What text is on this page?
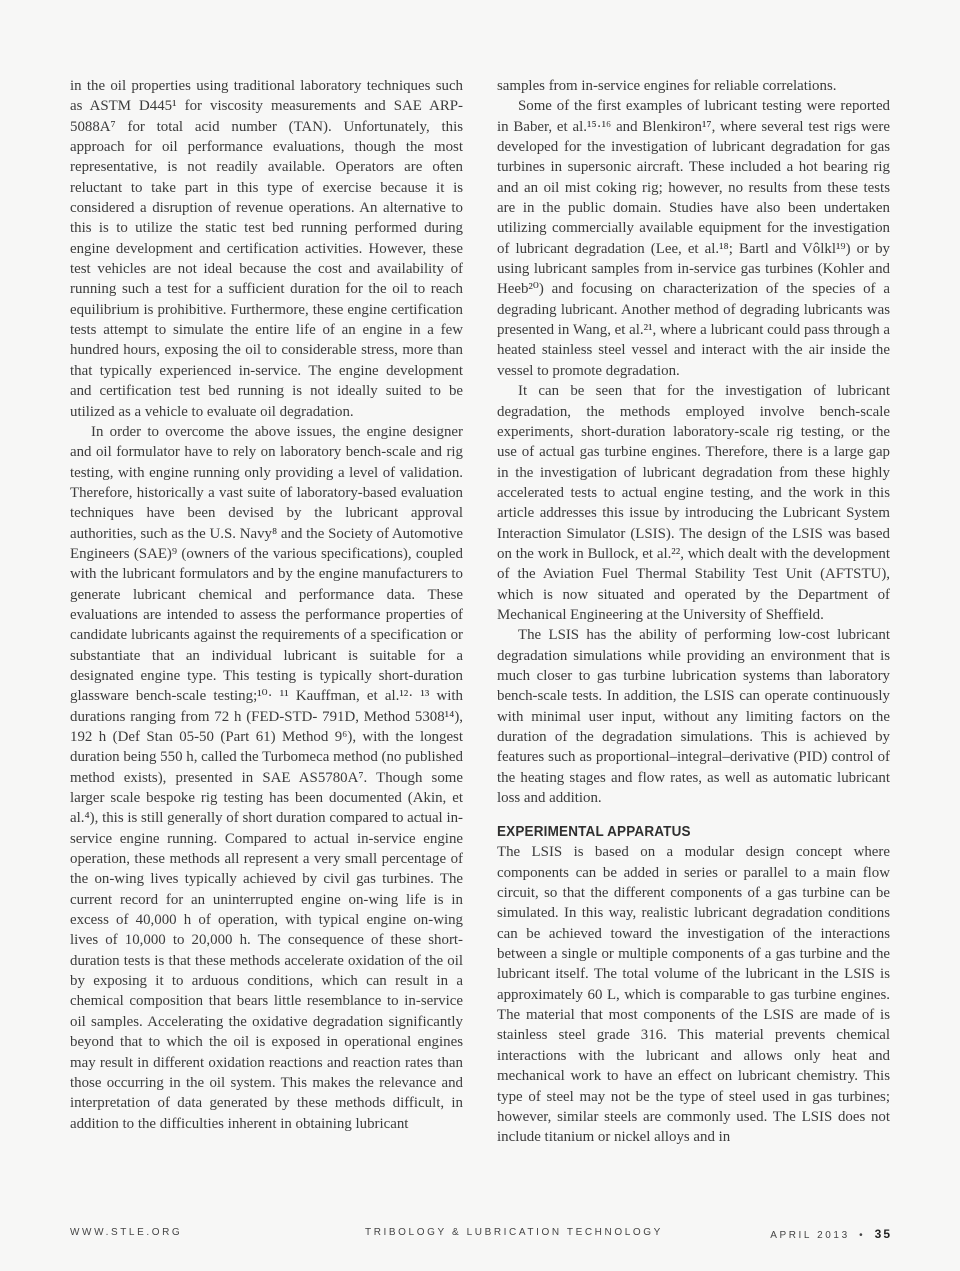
in the oil properties using traditional laboratory techniques such as ASTM D445¹ for viscosity measurements and SAE ARP-5088A⁷ for total acid number (TAN). Unfortunately, this approach for oil performance evaluations, though the most representative, is not readily available. Operators are often reluctant to take part in this type of exercise because it is considered a disruption of revenue operations. An alternative to this is to utilize the static test bed running performed during engine development and certification activities. However, these test vehicles are not ideal because the cost and availability of running such a test for a sufficient duration for the oil to reach equilibrium is prohibitive. Furthermore, these engine certification tests attempt to simulate the entire life of an engine in a few hundred hours, exposing the oil to considerable stress, more than that typically experienced in-service. The engine development and certification test bed running is not ideally suited to be utilized as a vehicle to evaluate oil degradation.

In order to overcome the above issues, the engine designer and oil formulator have to rely on laboratory bench-scale and rig testing, with engine running only providing a level of validation. Therefore, historically a vast suite of laboratory-based evaluation techniques have been devised by the lubricant approval authorities, such as the U.S. Navy⁸ and the Society of Automotive Engineers (SAE)⁹ (owners of the various specifications), coupled with the lubricant formulators and by the engine manufacturers to generate lubricant chemical and performance data. These evaluations are intended to assess the performance properties of candidate lubricants against the requirements of a specification or substantiate that an individual lubricant is suitable for a designated engine type. This testing is typically short-duration glassware bench-scale testing;¹⁰· ¹¹ Kauffman, et al.¹²· ¹³ with durations ranging from 72 h (FED-STD- 791D, Method 5308¹⁴), 192 h (Def Stan 05-50 (Part 61) Method 9⁶), with the longest duration being 550 h, called the Turbomeca method (no published method exists), presented in SAE AS5780A⁷. Though some larger scale bespoke rig testing has been documented (Akin, et al.⁴), this is still generally of short duration compared to actual in-service engine running. Compared to actual in-service engine operation, these methods all represent a very small percentage of the on-wing lives typically achieved by civil gas turbines. The current record for an uninterrupted engine on-wing life is in excess of 40,000 h of operation, with typical engine on-wing lives of 10,000 to 20,000 h. The consequence of these short-duration tests is that these methods accelerate oxidation of the oil by exposing it to arduous conditions, which can result in a chemical composition that bears little resemblance to in-service oil samples. Accelerating the oxidative degradation significantly beyond that to which the oil is exposed in operational engines may result in different oxidation reactions and reaction rates than those occurring in the oil system. This makes the relevance and interpretation of data generated by these methods difficult, in addition to the difficulties inherent in obtaining lubricant

samples from in-service engines for reliable correlations.

Some of the first examples of lubricant testing were reported in Baber, et al.¹⁵·¹⁶ and Blenkiron¹⁷, where several test rigs were developed for the investigation of lubricant degradation for gas turbines in supersonic aircraft. These included a hot bearing rig and an oil mist coking rig; however, no results from these tests are in the public domain. Studies have also been undertaken utilizing commercially available equipment for the investigation of lubricant degradation (Lee, et al.¹⁸; Bartl and Vôlkl¹⁹) or by using lubricant samples from in-service gas turbines (Kohler and Heeb²⁰) and focusing on characterization of the species of a degrading lubricant. Another method of degrading lubricants was presented in Wang, et al.²¹, where a lubricant could pass through a heated stainless steel vessel and interact with the air inside the vessel to promote degradation.

It can be seen that for the investigation of lubricant degradation, the methods employed involve bench-scale experiments, short-duration laboratory-scale rig testing, or the use of actual gas turbine engines. Therefore, there is a large gap in the investigation of lubricant degradation from these highly accelerated tests to actual engine testing, and the work in this article addresses this issue by introducing the Lubricant System Interaction Simulator (LSIS). The design of the LSIS was based on the work in Bullock, et al.²², which dealt with the development of the Aviation Fuel Thermal Stability Test Unit (AFTSTU), which is now situated and operated by the Department of Mechanical Engineering at the University of Sheffield.

The LSIS has the ability of performing low-cost lubricant degradation simulations while providing an environment that is much closer to gas turbine lubrication systems than laboratory bench-scale tests. In addition, the LSIS can operate continuously with minimal user input, without any limiting factors on the duration of the degradation simulations. This is achieved by features such as proportional–integral–derivative (PID) control of the heating stages and flow rates, as well as automatic lubricant loss and addition.

EXPERIMENTAL APPARATUS

The LSIS is based on a modular design concept where components can be added in series or parallel to a main flow circuit, so that the different components of a gas turbine can be simulated. In this way, realistic lubricant degradation conditions can be achieved toward the investigation of the interactions between a single or multiple components of a gas turbine and the lubricant itself. The total volume of the lubricant in the LSIS is approximately 60 L, which is comparable to gas turbine engines. The material that most components of the LSIS are made of is stainless steel grade 316. This material prevents chemical interactions with the lubricant and allows only heat and mechanical work to have an effect on lubricant chemistry. This type of steel may not be the type of steel used in gas turbines; however, similar steels are commonly used. The LSIS does not include titanium or nickel alloys and in

WWW.STLE.ORG	TRIBOLOGY & LUBRICATION TECHNOLOGY	APRIL 2013 • 35
